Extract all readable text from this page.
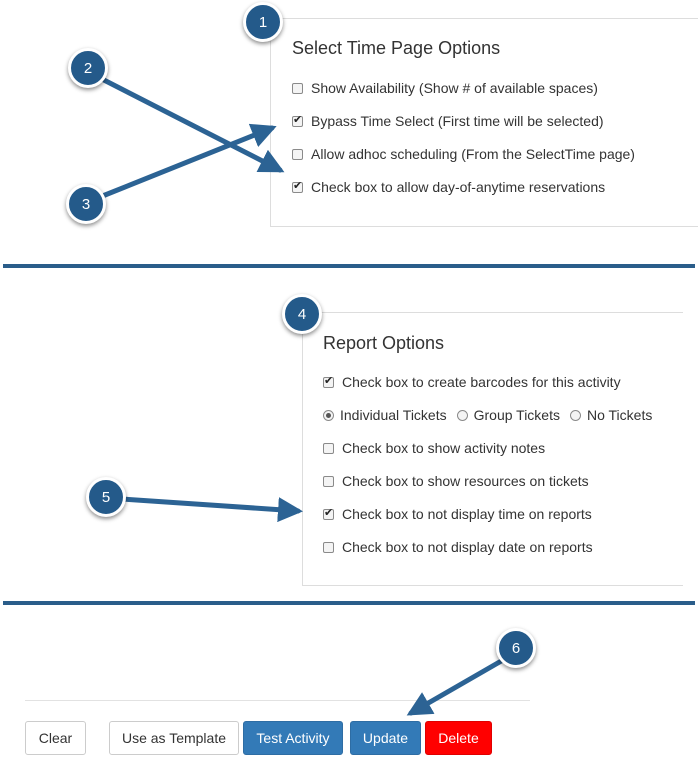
Select Time Page Options
Show Availability (Show # of available spaces)
✔
Bypass Time Select (First time will be selected)
Allow adhoc scheduling (From the SelectTime page)
✔
Check box to allow day-of-anytime reservations
Report Options
✔
Check box to create barcodes for this activity
Individual Tickets Group Tickets No Tickets
Check box to show activity notes
Check box to show resources on tickets
✔
Check box to not display time on reports
Check box to not display date on reports
Clear	Use as Template	Test Activity	Update	Delete
1
2
3
4
5
6
